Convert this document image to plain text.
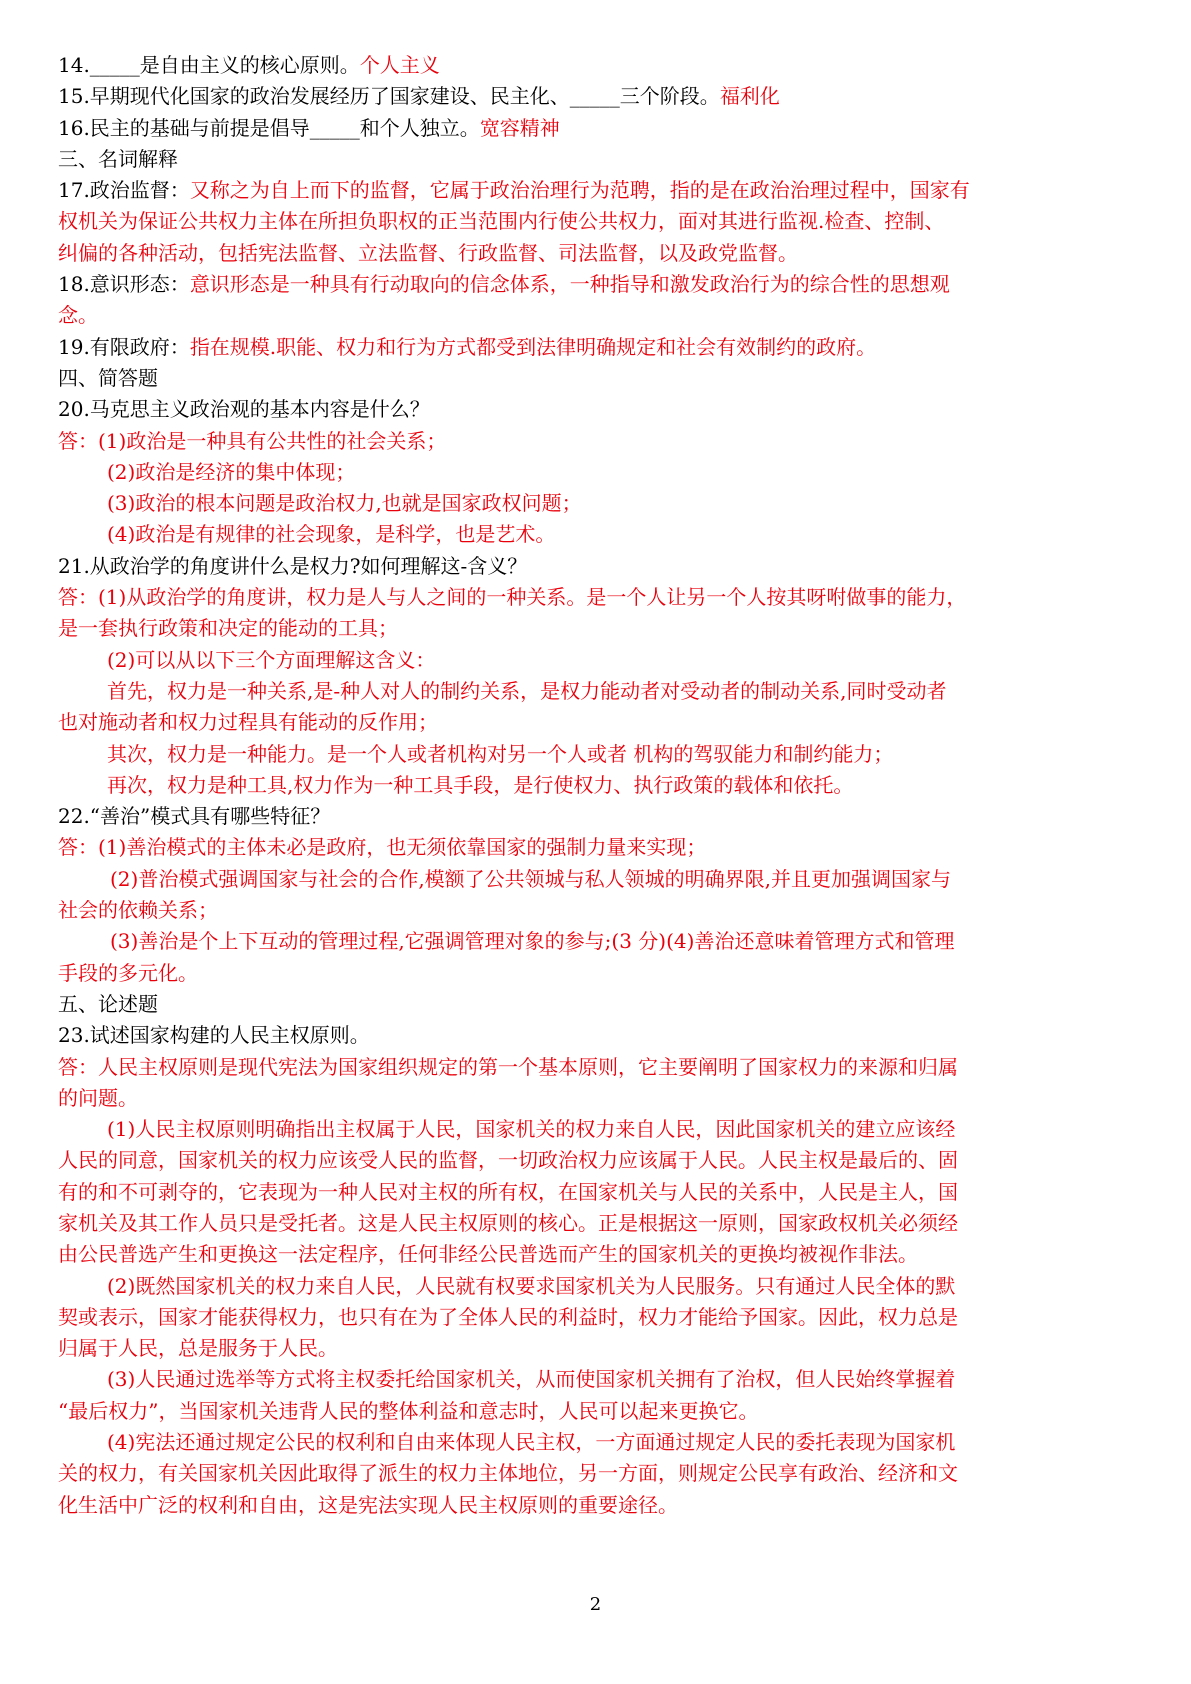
14._____是自由主义的核心原则。个人主义
15.早期现代化国家的政治发展经历了国家建设、民主化、_____三个阶段。福利化
16.民主的基础与前提是倡导_____和个人独立。宽容精神
三、名词解释
17.政治监督：又称之为自上而下的监督，它属于政治治理行为范聘，指的是在政治治理过程中，国家有
权机关为保证公共权力主体在所担负职权的正当范围内行使公共权力，面对其进行监视.检查、控制、
纠偏的各种活动，包括宪法监督、立法监督、行政监督、司法监督，以及政党监督。
18.意识形态：意识形态是一种具有行动取向的信念体系，一种指导和激发政治行为的综合性的思想观
念。
19.有限政府：指在规模.职能、权力和行为方式都受到法律明确规定和社会有效制约的政府。
四、简答题
20.马克思主义政治观的基本内容是什么？
答：(1)政治是一种具有公共性的社会关系；
(2)政治是经济的集中体现；
(3)政治的根本问题是政治权力,也就是国家政权问题；
(4)政治是有规律的社会现象，是科学，也是艺术。
21.从政治学的角度讲什么是权力?如何理解这-含义？
答：(1)从政治学的角度讲，权力是人与人之间的一种关系。是一个人让另一个人按其呀咐做事的能力，
是一套执行政策和决定的能动的工具；
(2)可以从以下三个方面理解这含义：
首先，权力是一种关系,是-种人对人的制约关系，是权力能动者对受动者的制动关系,同时受动者
也对施动者和权力过程具有能动的反作用；
其次，权力是一种能力。是一个人或者机构对另一个人或者 机构的驾驭能力和制约能力；
再次，权力是种工具,权力作为一种工具手段，是行使权力、执行政策的载体和依托。
22.“善治”模式具有哪些特征？
答：(1)善治模式的主体未必是政府，也无须依靠国家的强制力量来实现；
(2)普治模式强调国家与社会的合作,模额了公共领城与私人领城的明确界限,并且更加强调国家与
社会的依赖关系；
(3)善治是个上下互动的管理过程,它强调管理对象的参与;(3 分)(4)善治还意味着管理方式和管理
手段的多元化。
五、论述题
23.试述国家构建的人民主权原则。
答：人民主权原则是现代宪法为国家组织规定的第一个基本原则，它主要阐明了国家权力的来源和归属
的问题。
(1)人民主权原则明确指出主权属于人民，国家机关的权力来自人民，因此国家机关的建立应该经
人民的同意，国家机关的权力应该受人民的监督，一切政治权力应该属于人民。人民主权是最后的、固
有的和不可剥夺的，它表现为一种人民对主权的所有权，在国家机关与人民的关系中，人民是主人，国
家机关及其工作人员只是受托者。这是人民主权原则的核心。正是根据这一原则，国家政权机关必须经
由公民普选产生和更换这一法定程序，任何非经公民普选而产生的国家机关的更换均被视作非法。
(2)既然国家机关的权力来自人民，人民就有权要求国家机关为人民服务。只有通过人民全体的默
契或表示，国家才能获得权力，也只有在为了全体人民的利益时，权力才能给予国家。因此，权力总是
归属于人民，总是服务于人民。
(3)人民通过选举等方式将主权委托给国家机关，从而使国家机关拥有了治权，但人民始终掌握着
“最后权力”，当国家机关违背人民的整体利益和意志时，人民可以起来更换它。
(4)宪法还通过规定公民的权利和自由来体现人民主权，一方面通过规定人民的委托表现为国家机
关的权力，有关国家机关因此取得了派生的权力主体地位，另一方面，则规定公民享有政治、经济和文
化生活中广泛的权利和自由，这是宪法实现人民主权原则的重要途径。
2
